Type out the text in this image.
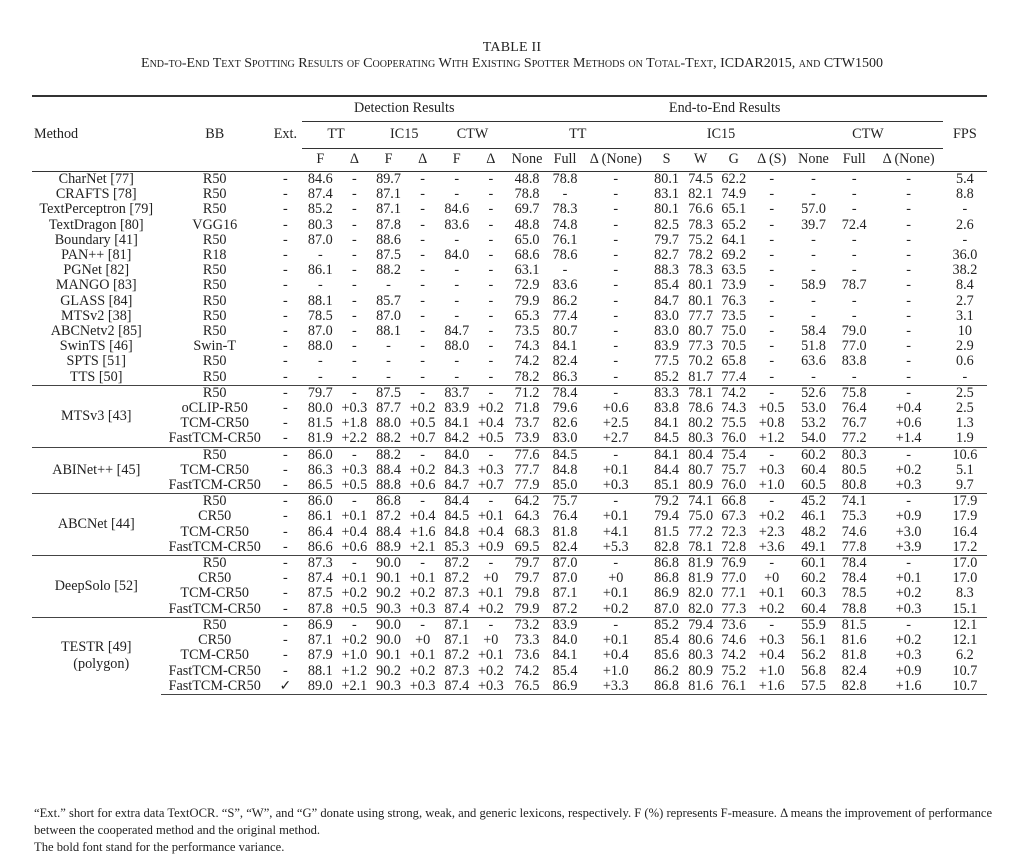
TABLE II
End-to-End Text Spotting Results of Cooperating With Existing Spotter Methods on Total-Text, ICDAR2015, and CTW1500
			Detection Results						End-to-End Results										
Method	BB	Ext.	TT		IC15		CTW		TT			IC15				CTW			FPS
			F	Δ	F	Δ	F	Δ	None	Full	Δ (None)	S	W	G	Δ (S)	None	Full	Δ (None)	
CharNet [77]	R50	-	84.6	-	89.7	-	-	-	48.8	78.8	-	80.1	74.5	62.2	-	-	-	-	5.4
CRAFTS [78]	R50	-	87.4	-	87.1	-	-	-	78.8	-	-	83.1	82.1	74.9	-	-	-	-	8.8
TextPerceptron [79]	R50	-	85.2	-	87.1	-	84.6	-	69.7	78.3	-	80.1	76.6	65.1	-	57.0	-	-	-
TextDragon [80]	VGG16	-	80.3	-	87.8	-	83.6	-	48.8	74.8	-	82.5	78.3	65.2	-	39.7	72.4	-	2.6
Boundary [41]	R50	-	87.0	-	88.6	-	-	-	65.0	76.1	-	79.7	75.2	64.1	-	-	-	-	-
PAN++ [81]	R18	-	-	-	87.5	-	84.0	-	68.6	78.6	-	82.7	78.2	69.2	-	-	-	-	36.0
PGNet [82]	R50	-	86.1	-	88.2	-	-	-	63.1	-	-	88.3	78.3	63.5	-	-	-	-	38.2
MANGO [83]	R50	-	-	-	-	-	-	-	72.9	83.6	-	85.4	80.1	73.9	-	58.9	78.7	-	8.4
GLASS [84]	R50	-	88.1	-	85.7	-	-	-	79.9	86.2	-	84.7	80.1	76.3	-	-	-	-	2.7
MTSv2 [38]	R50	-	78.5	-	87.0	-	-	-	65.3	77.4	-	83.0	77.7	73.5	-	-	-	-	3.1
ABCNetv2 [85]	R50	-	87.0	-	88.1	-	84.7	-	73.5	80.7	-	83.0	80.7	75.0	-	58.4	79.0	-	10
SwinTS [46]	Swin-T	-	88.0	-	-	-	88.0	-	74.3	84.1	-	83.9	77.3	70.5	-	51.8	77.0	-	2.9
SPTS [51]	R50	-	-	-	-	-	-	-	74.2	82.4	-	77.5	70.2	65.8	-	63.6	83.8	-	0.6
TTS [50]	R50	-	-	-	-	-	-	-	78.2	86.3	-	85.2	81.7	77.4	-	-	-	-	-

MTSv3 [43]	R50	-	79.7	-	87.5	-	83.7	-	71.2	78.4	-	83.3	78.1	74.2	-	52.6	75.8	-	2.5
	oCLIP-R50	-	80.0	+0.3	87.7	+0.2	83.9	+0.2	71.8	79.6	+0.6	83.8	78.6	74.3	+0.5	53.0	76.4	+0.4	2.5
	TCM-CR50	-	81.5	+1.8	88.0	+0.5	84.1	+0.4	73.7	82.6	+2.5	84.1	80.2	75.5	+0.8	53.2	76.7	+0.6	1.3
	FastTCM-CR50	-	81.9	+2.2	88.2	+0.7	84.2	+0.5	73.9	83.0	+2.7	84.5	80.3	76.0	+1.2	54.0	77.2	+1.4	1.9

ABINet++ [45]	R50	-	86.0	-	88.2	-	84.0	-	77.6	84.5	-	84.1	80.4	75.4	-	60.2	80.3	-	10.6
	TCM-CR50	-	86.3	+0.3	88.4	+0.2	84.3	+0.3	77.7	84.8	+0.1	84.4	80.7	75.7	+0.3	60.4	80.5	+0.2	5.1
	FastTCM-CR50	-	86.5	+0.5	88.8	+0.6	84.7	+0.7	77.9	85.0	+0.3	85.1	80.9	76.0	+1.0	60.5	80.8	+0.3	9.7

ABCNet [44]	R50	-	86.0	-	86.8	-	84.4	-	64.2	75.7	-	79.2	74.1	66.8	-	45.2	74.1	-	17.9
	CR50	-	86.1	+0.1	87.2	+0.4	84.5	+0.1	64.3	76.4	+0.1	79.4	75.0	67.3	+0.2	46.1	75.3	+0.9	17.9
	TCM-CR50	-	86.4	+0.4	88.4	+1.6	84.8	+0.4	68.3	81.8	+4.1	81.5	77.2	72.3	+2.3	48.2	74.6	+3.0	16.4
	FastTCM-CR50	-	86.6	+0.6	88.9	+2.1	85.3	+0.9	69.5	82.4	+5.3	82.8	78.1	72.8	+3.6	49.1	77.8	+3.9	17.2

DeepSolo [52]	R50	-	87.3	-	90.0	-	87.2	-	79.7	87.0	-	86.8	81.9	76.9	-	60.1	78.4	-	17.0
	CR50	-	87.4	+0.1	90.1	+0.1	87.2	+0	79.7	87.0	+0	86.8	81.9	77.0	+0	60.2	78.4	+0.1	17.0
	TCM-CR50	-	87.5	+0.2	90.2	+0.2	87.3	+0.1	79.8	87.1	+0.1	86.9	82.0	77.1	+0.1	60.3	78.5	+0.2	8.3
	FastTCM-CR50	-	87.8	+0.5	90.3	+0.3	87.4	+0.2	79.9	87.2	+0.2	87.0	82.0	77.3	+0.2	60.4	78.8	+0.3	15.1

TESTR [49]
(polygon)	R50	-	86.9	-	90.0	-	87.1	-	73.2	83.9	-	85.2	79.4	73.6	-	55.9	81.5	-	12.1
	CR50	-	87.1	+0.2	90.0	+0	87.1	+0	73.3	84.0	+0.1	85.4	80.6	74.6	+0.3	56.1	81.6	+0.2	12.1
	TCM-CR50	-	87.9	+1.0	90.1	+0.1	87.2	+0.1	73.6	84.1	+0.4	85.6	80.3	74.2	+0.4	56.2	81.8	+0.3	6.2
	FastTCM-CR50	-	88.1	+1.2	90.2	+0.2	87.3	+0.2	74.2	85.4	+1.0	86.2	80.9	75.2	+1.0	56.8	82.4	+0.9	10.7
	FastTCM-CR50	✓	89.0	+2.1	90.3	+0.3	87.4	+0.3	76.5	86.9	+3.3	86.8	81.6	76.1	+1.6	57.5	82.8	+1.6	10.7
“Ext.” short for extra data TextOCR. “S”, “W”, and “G” donate using strong, weak, and generic lexicons, respectively. F (%) represents F-measure. Δ means the improvement of performance between the cooperated method and the original method.
The bold font stand for the performance variance.
